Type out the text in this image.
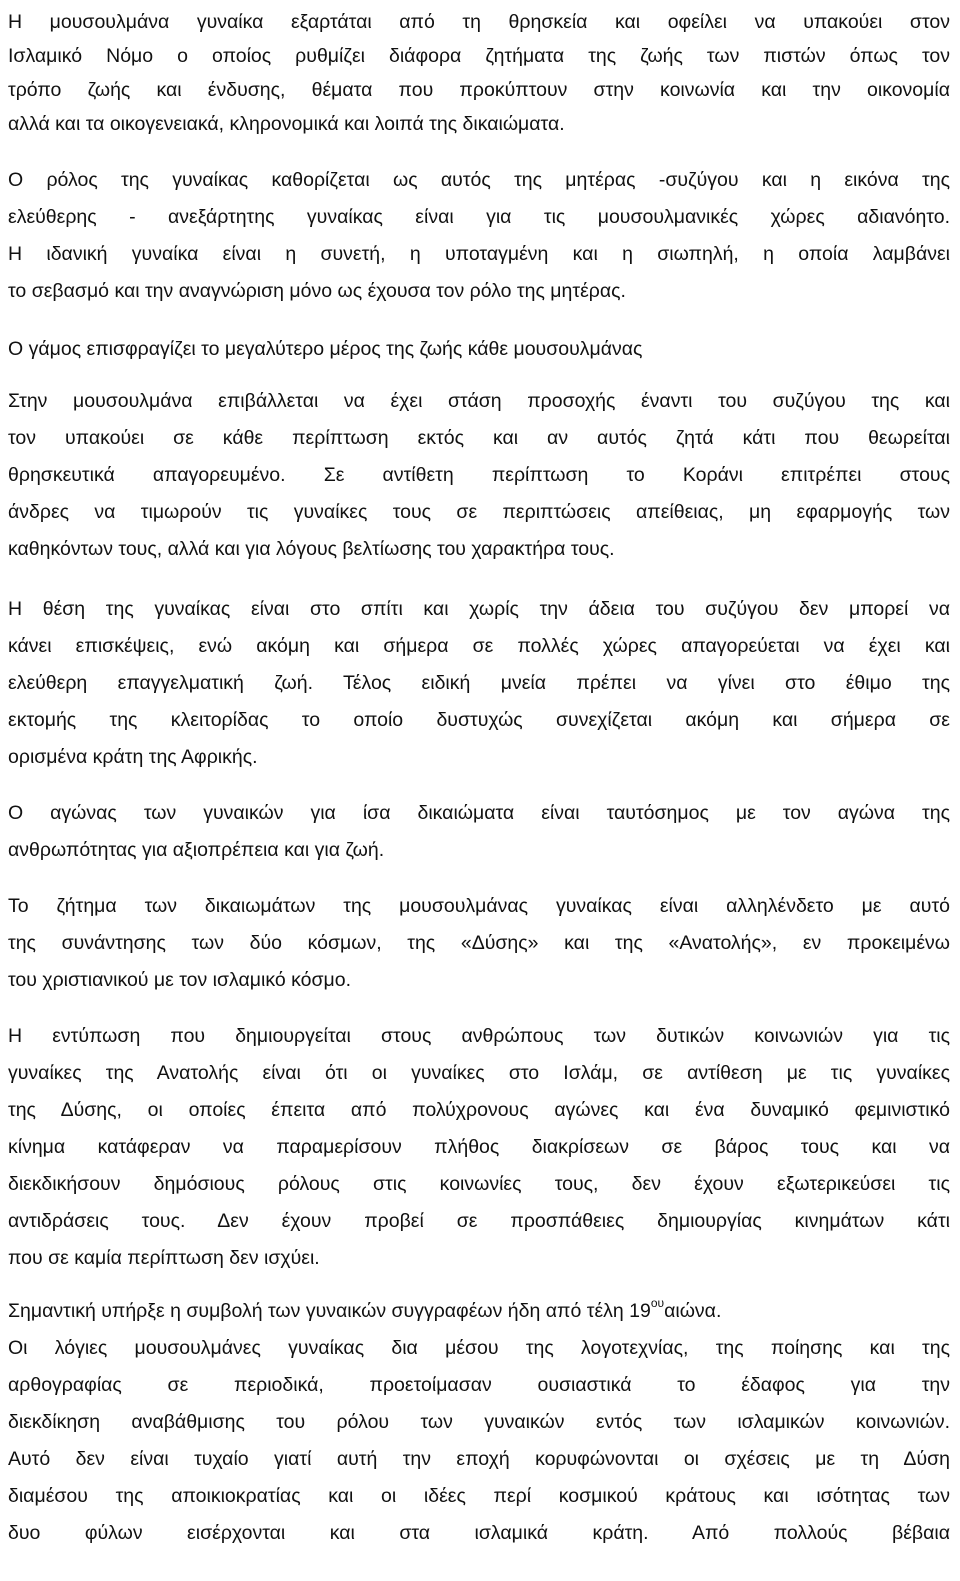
Η μουσουλμάνα γυναίκα εξαρτάται από τη θρησκεία και οφείλει να υπακούει στον
Ισλαμικό Νόμο ο οποίος ρυθμίζει διάφορα ζητήματα της ζωής των πιστών όπως τον
τρόπο ζωής και ένδυσης, θέματα που προκύπτουν στην κοινωνία και την οικονομία
αλλά και τα οικογενειακά, κληρονομικά και λοιπά της δικαιώματα.
Ο ρόλος της γυναίκας καθορίζεται ως αυτός της μητέρας -συζύγου και η εικόνα της
ελεύθερης - ανεξάρτητης γυναίκας είναι για τις μουσουλμανικές χώρες αδιανόητο.
Η ιδανική γυναίκα είναι η συνετή, η υποταγμένη και η σιωπηλή, η οποία λαμβάνει
το σεβασμό και την αναγνώριση μόνο ως έχουσα τον ρόλο της μητέρας.
Ο γάμος επισφραγίζει το μεγαλύτερο μέρος της ζωής κάθε μουσουλμάνας
Στην μουσουλμάνα επιβάλλεται να έχει στάση προσοχής έναντι του συζύγου της και
τον υπακούει σε κάθε περίπτωση εκτός και αν αυτός ζητά κάτι που θεωρείται
θρησκευτικά απαγορευμένο. Σε αντίθετη περίπτωση το Κοράνι επιτρέπει στους
άνδρες να τιμωρούν τις γυναίκες τους σε περιπτώσεις απείθειας, μη εφαρμογής των
καθηκόντων τους, αλλά και για λόγους βελτίωσης του χαρακτήρα τους.
Η θέση της γυναίκας είναι στο σπίτι και χωρίς την άδεια του συζύγου δεν μπορεί να
κάνει επισκέψεις, ενώ ακόμη και σήμερα σε πολλές χώρες απαγορεύεται να έχει και
ελεύθερη επαγγελματική ζωή. Τέλος ειδική μνεία πρέπει να γίνει στο έθιμο της
εκτομής της κλειτορίδας το οποίο δυστυχώς συνεχίζεται ακόμη και σήμερα σε
ορισμένα κράτη της Αφρικής.
Ο αγώνας των γυναικών για ίσα δικαιώματα είναι ταυτόσημος με τον αγώνα της
ανθρωπότητας για αξιοπρέπεια και για ζωή.
Το ζήτημα των δικαιωμάτων της μουσουλμάνας γυναίκας είναι αλληλένδετο με αυτό
της συνάντησης των δύο κόσμων, της «Δύσης» και της «Ανατολής», εν προκειμένω
του χριστιανικού με τον ισλαμικό κόσμο.
Η εντύπωση που δημιουργείται στους ανθρώπους των δυτικών κοινωνιών για τις
γυναίκες της Ανατολής είναι ότι οι γυναίκες στο Ισλάμ, σε αντίθεση με τις γυναίκες
της Δύσης, οι οποίες έπειτα από πολύχρονους αγώνες και ένα δυναμικό φεμινιστικό
κίνημα κατάφεραν να παραμερίσουν πλήθος διακρίσεων σε βάρος τους και να
διεκδικήσουν δημόσιους ρόλους στις κοινωνίες τους, δεν έχουν εξωτερικεύσει τις
αντιδράσεις τους. Δεν έχουν προβεί σε προσπάθειες δημιουργίας κινημάτων κάτι
που σε καμία περίπτωση δεν ισχύει.
Σημαντική υπήρξε η συμβολή των γυναικών συγγραφέων ήδη από τέλη $19^{o\upsilon}\alpha\iota ώ\nu\alpha$.
Οι λόγιες μουσουλμάνες γυναίκας δια μέσου της λογοτεχνίας, της ποίησης και της
αρθογραφίας σε περιοδικά, προετοίμασαν ουσιαστικά το έδαφος για την
διεκδίκηση αναβάθμισης του ρόλου των γυναικών εντός των ισλαμικών κοινωνιών.
Αυτό δεν είναι τυχαίο γιατί αυτή την εποχή κορυφώνονται οι σχέσεις με τη Δύση
διαμέσου της αποικιοκρατίας και οι ιδέες περί κοσμικού κράτους και ισότητας των
δυο φύλων εισέρχονται και στα ισλαμικά κράτη. Από πολλούς βέβαια
